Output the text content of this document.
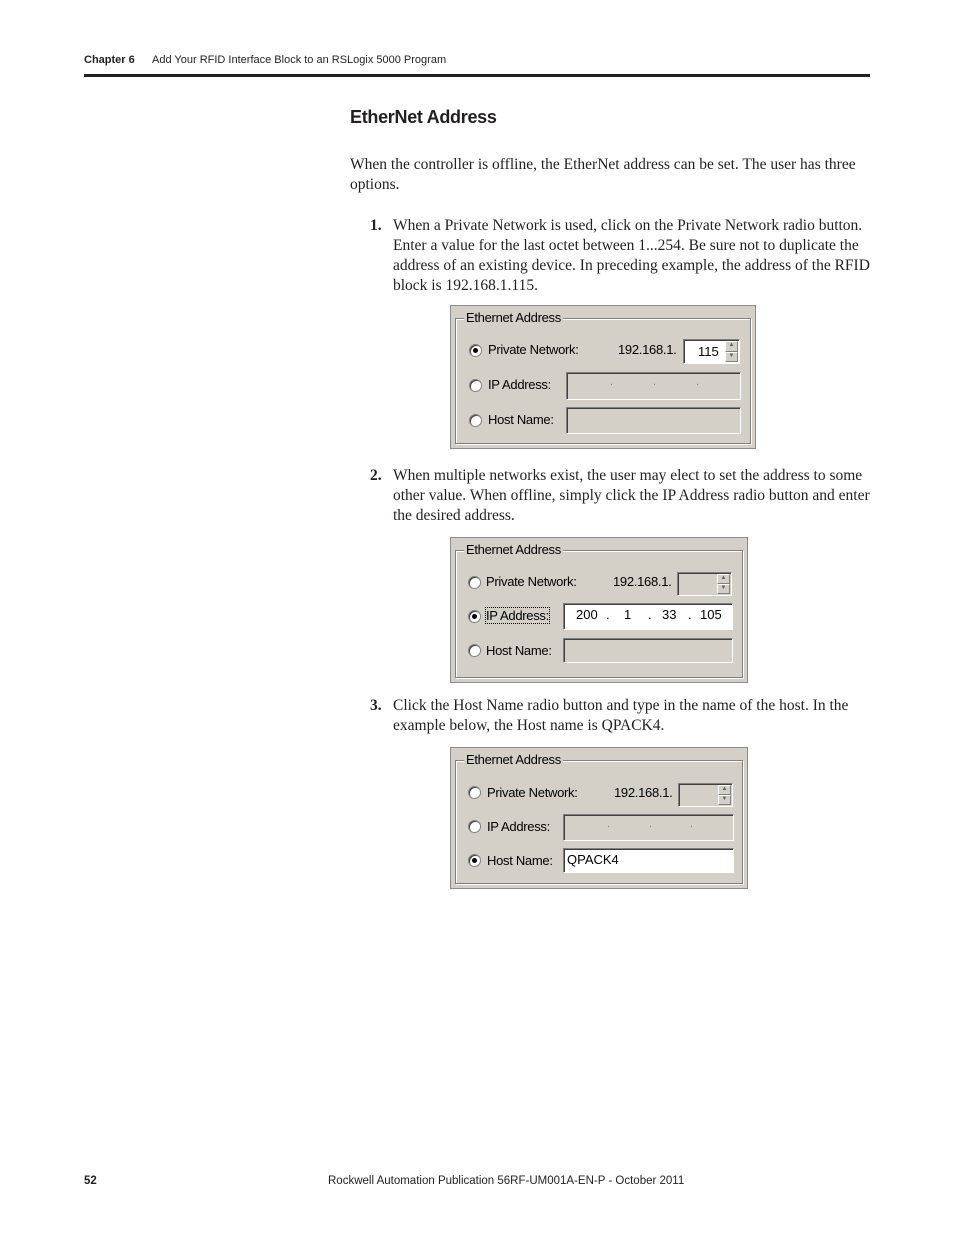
Chapter 6 Add Your RFID Interface Block to an RSLogix 5000 Program
EtherNet Address
When the controller is offline, the EtherNet address can be set. The user has three options.
1. When a Private Network is used, click on the Private Network radio button. Enter a value for the last octet between 1...254. Be sure not to duplicate the address of an existing device. In preceding example, the address of the RFID block is 192.168.1.115.
Ethernet Address
Private Network:	192.168.1. 115	▲
▼
IP Address:	.	.	.
Host Name:
2. When multiple networks exist, the user may elect to set the address to some other value. When offline, simply click the IP Address radio button and enter the desired address.
Ethernet Address
Private Network:	192.168.1.	▲
▼
IP Address: 200 . 1 . 33 . 105
Host Name:
3. Click the Host Name radio button and type in the name of the host. In the example below, the Host name is QPACK4.
Ethernet Address
Private Network:	192.168.1.	▲
▼
IP Address:	.	.	.
Host Name: QPACK4
52	Rockwell Automation Publication 56RF-UM001A-EN-P - October 2011
